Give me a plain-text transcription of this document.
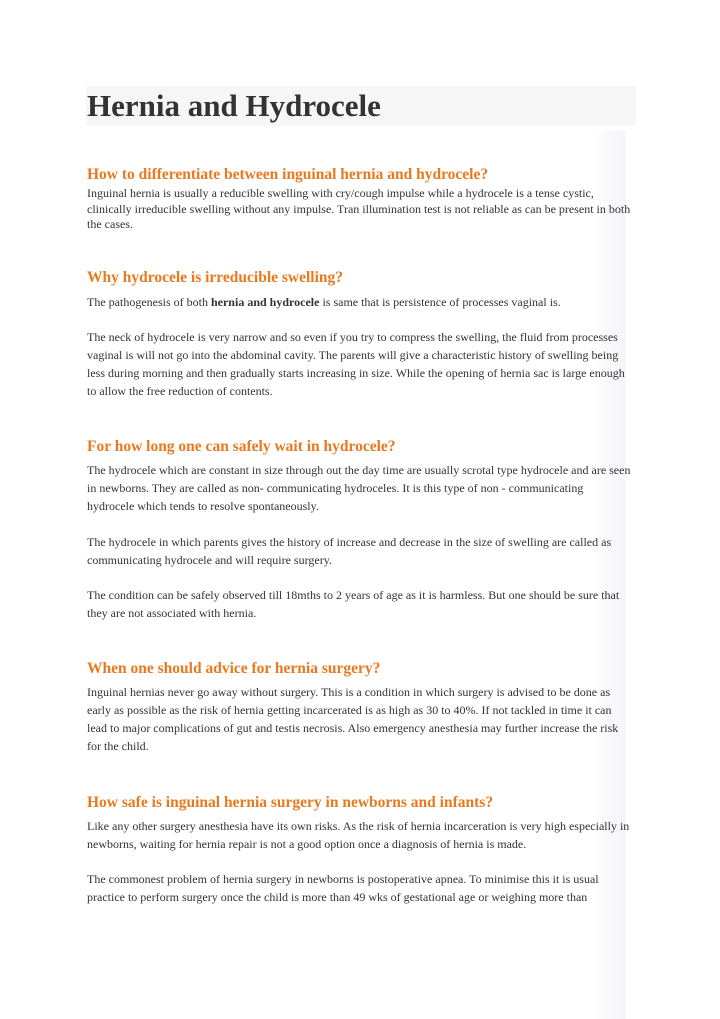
Hernia and Hydrocele
How to differentiate between inguinal hernia and hydrocele?

Inguinal hernia is usually a reducible swelling with cry/cough impulse while a hydrocele is a tense cystic, clinically irreducible swelling without any impulse. Tran illumination test is not reliable as can be present in both the cases.

Why hydrocele is irreducible swelling?

The pathogenesis of both hernia and hydrocele is same that is persistence of processes vaginal is.

The neck of hydrocele is very narrow and so even if you try to compress the swelling, the fluid from processes vaginal is will not go into the abdominal cavity. The parents will give a characteristic history of swelling being less during morning and then gradually starts increasing in size. While the opening of hernia sac is large enough to allow the free reduction of contents.

For how long one can safely wait in hydrocele?

The hydrocele which are constant in size through out the day time are usually scrotal type hydrocele and are seen in newborns. They are called as non- communicating hydroceles. It is this type of non - communicating hydrocele which tends to resolve spontaneously.

The hydrocele in which parents gives the history of increase and decrease in the size of swelling are called as communicating hydrocele and will require surgery.

The condition can be safely observed till 18mths to 2 years of age as it is harmless. But one should be sure that they are not associated with hernia.

When one should advice for hernia surgery?

Inguinal hernias never go away without surgery. This is a condition in which surgery is advised to be done as early as possible as the risk of hernia getting incarcerated is as high as 30 to 40%. If not tackled in time it can lead to major complications of gut and testis necrosis. Also emergency anesthesia may further increase the risk for the child.

How safe is inguinal hernia surgery in newborns and infants?

Like any other surgery anesthesia have its own risks. As the risk of hernia incarceration is very high especially in newborns, waiting for hernia repair is not a good option once a diagnosis of hernia is made.

The commonest problem of hernia surgery in newborns is postoperative apnea. To minimise this it is usual practice to perform surgery once the child is more than 49 wks of gestational age or weighing more than
